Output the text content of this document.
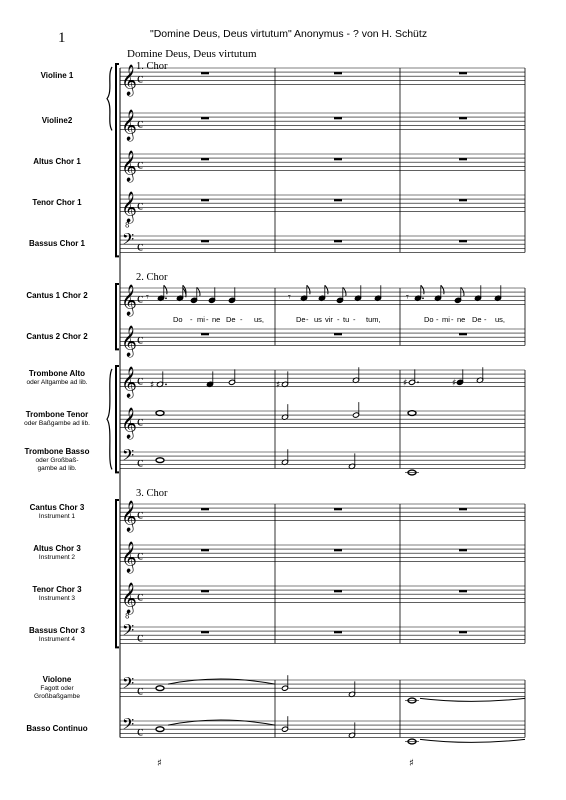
1	"Domine Deus, Deus virtutum" Anonymus - ? von H. Schütz
Domine Deus, Deus virtutum
1. Chor
2. Chor
3. Chor
Violine 1
Violine2
Altus Chor 1
Tenor Chor 1
Bassus Chor 1
Cantus 1 Chor 2
Cantus 2 Chor 2
Trombone Alto
oder Altgambe ad lib.
Trombone Tenor
oder Baßgambe ad lib.
Trombone Basso
oder Großbaß-
gambe ad lib.
Cantus Chor 3
Instrument 1
Altus Chor 3
Instrument 2
Tenor Chor 3
Instrument 3
Bassus Chor 3
Instrument 4
Violone
Fagott oder
Großbaßgambe
Basso Continuo
Do - mi - ne De - us,	De - us vir - tu - tum,	Do - mi - ne De - us,
𝄞 c
𝄞 c
𝄞 c
𝄞
8
c
𝄢 c
𝄞 c
𝄞 c
𝄞 c
𝄞 c
𝄢 c
𝄞 c
𝄞 c
𝄞
8
c
𝄢 c
𝄢 c
𝄢 c
𝄾	𝄾	𝄾
♯	♯	♯	♯
♯	♯
